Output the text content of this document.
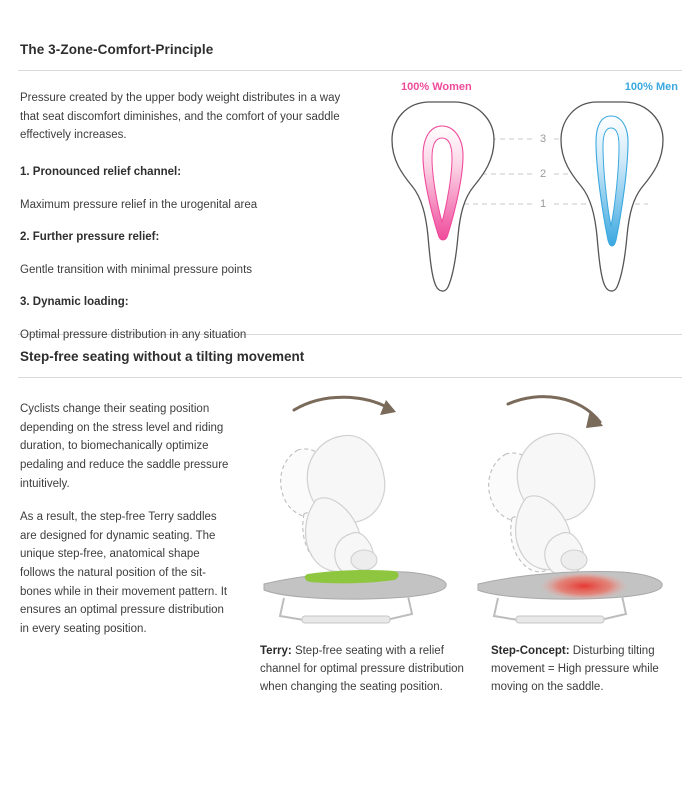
The 3-Zone-Comfort-Principle

Pressure created by the upper body weight distributes in a way that seat discomfort diminishes, and the comfort of your saddle effectively increases.

1. Pronounced relief channel:

Maximum pressure relief in the urogenital area

2. Further pressure relief:

Gentle transition with minimal pressure points

3. Dynamic loading:

Optimal pressure distribution in any situation

100% Women	100% Men
3
2
1
Step-free seating without a tilting movement

Cyclists change their seating position depending on the stress level and riding duration, to biomechanically optimize pedaling and reduce the saddle pressure intuitively.

As a result, the step-free Terry saddles are designed for dynamic seating. The unique step-free, anatomical shape follows the natural position of the sit-bones while in their movement pattern. It ensures an optimal pressure distribution in every seating position.

Terry: Step-free seating with a relief channel for optimal pressure distribution when changing the seating position.
Step-Concept: Disturbing tilting movement = High pressure while moving on the saddle.
